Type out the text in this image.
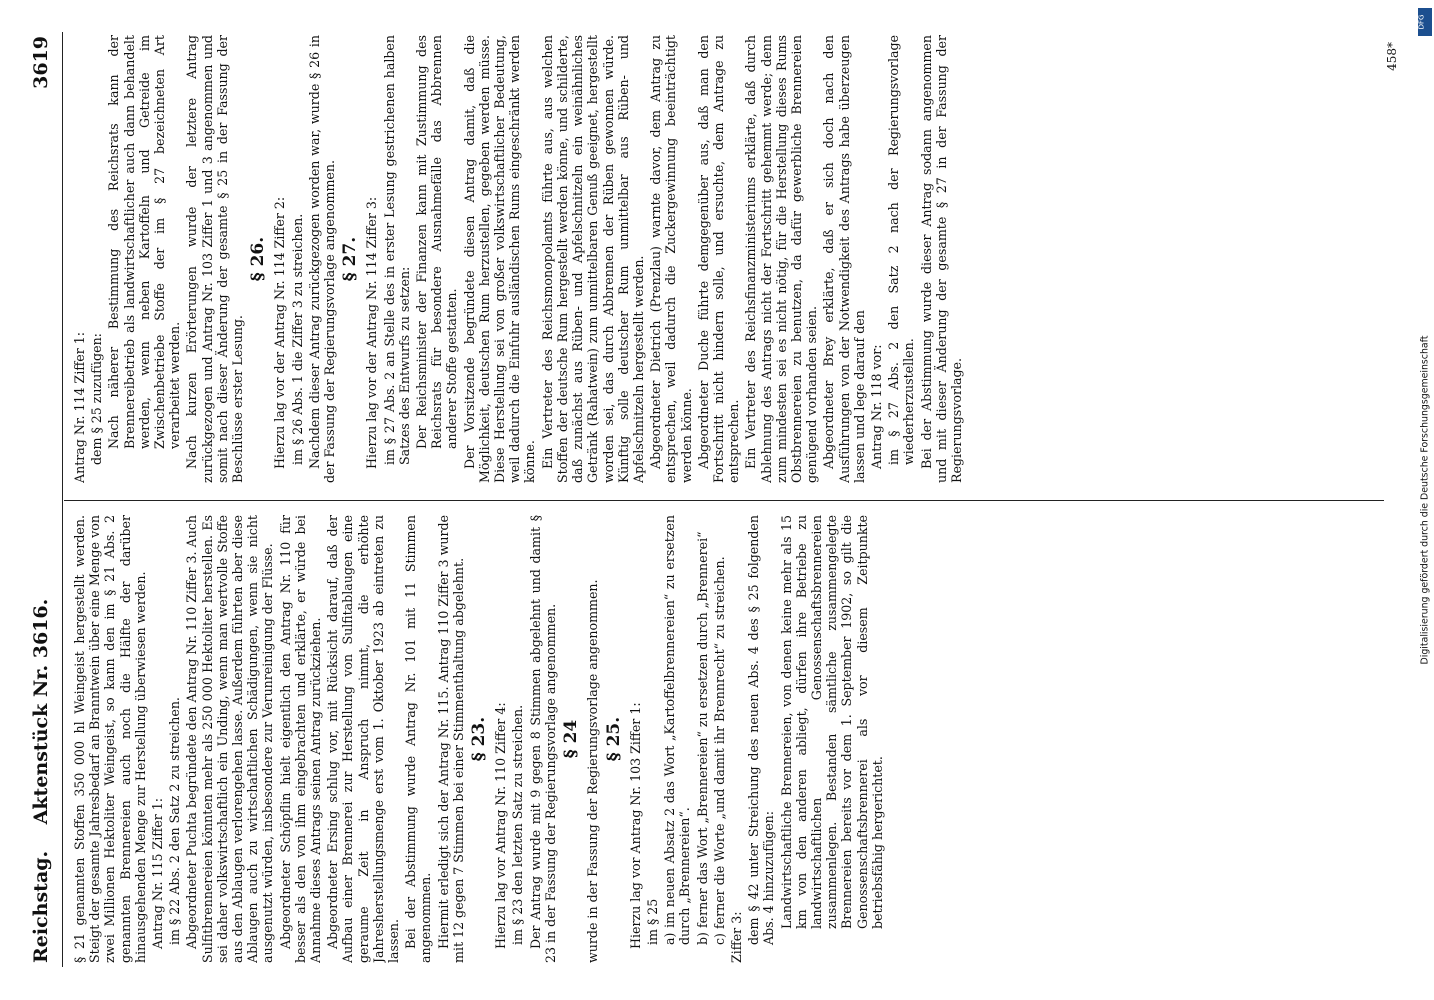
Reichstag.    Aktenstück Nr. 3616.
3619

§ 21 genannten Stoffen 350 000 hl Weingeist hergestellt werden. Steigt der gesamte Jahresbedarf an Branntwein über eine Menge von zwei Millionen Hektoliter Weingeist, so kann den im § 21 Abs. 2 genannten Brennereien auch noch die Hälfte der darüber hinausgehenden Menge zur Herstellung überwiesen werden. Antrag Nr. 115 Ziffer 1: im § 22 Abs. 2 den Satz 2 zu streichen. Abgeordneter Puchta begründete den Antrag Nr. 110 Ziffer 3. Auch Sulfitbrennereien könnten mehr als 250 000 Hektoliter herstellen. Es sei daher volkswirtschaftlich ein Unding, wenn man wertvolle Stoffe aus den Ablaugen verlorengehen lasse. Außerdem führten aber diese Ablaugen auch zu wirtschaftlichen Schädigungen, wenn sie nicht ausgenutzt würden, insbesondere zur Verunreinigung der Flüsse. Abgeordneter Schöpflin hielt eigentlich den Antrag Nr. 110 für besser als den von ihm eingebrachten und erklärte, er würde bei Annahme dieses Antrags seinen Antrag zurückziehen. Abgeordneter Ersing schlug vor, mit Rücksicht darauf, daß der Aufbau einer Brennerei zur Herstellung von Sulfitablaugen eine geraume Zeit in Anspruch nimmt, die erhöhte Jahresherstellungsmenge erst vom 1. Oktober 1923 ab eintreten zu lassen. Bei der Abstimmung wurde Antrag Nr. 101 mit 11 Stimmen angenommen. Hiermit erledigt sich der Antrag Nr. 115. Antrag 110 Ziffer 3 wurde mit 12 gegen 7 Stimmen bei einer Stimmenthaltung abgelehnt. § 23. Hierzu lag vor Antrag Nr. 110 Ziffer 4: im § 23 den letzten Satz zu streichen. Der Antrag wurde mit 9 gegen 8 Stimmen abgelehnt und damit § 23 in der Fassung der Regierungsvorlage angenommen. § 24 wurde in der Fassung der Regierungsvorlage angenommen. § 25. Hierzu lag vor Antrag Nr. 103 Ziffer 1: im § 25 a) im neuen Absatz 2 das Wort „Kartoffelbrennereien“ zu ersetzen durch „Brennereien“. b) ferner das Wort „Brennereien“ zu ersetzen durch „Brennerei“ c) ferner die Worte „und damit ihr Brennrecht“ zu streichen. Ziffer 3: dem § 42 unter Streichung des neuen Abs. 4 des § 25 folgenden Abs. 4 hinzuzufügen: Landwirtschaftliche Brennereien, von denen keine mehr als 15 km von den anderen abliegt, dürfen ihre Betriebe zu landwirtschaftlichen Genossenschaftsbrennereien zusammenlegen. Bestanden sämtliche zusammengelegte Brennereien bereits vor dem 1. September 1902, so gilt die Genossenschaftsbrennerei als vor diesem Zeitpunkte betriebsfähig hergerichtet.

Antrag Nr. 114 Ziffer 1: dem § 25 zuzufügen: Nach näherer Bestimmung des Reichsrats kann der Brennereibetrieb als landwirtschaftlicher auch dann behandelt werden, wenn neben Kartoffeln und Getreide im Zwischenbetriebe Stoffe der im § 27 bezeichneten Art verarbeitet werden. Nach kurzen Erörterungen wurde der letztere Antrag zurückgezogen und Antrag Nr. 103 Ziffer 1 und 3 angenommen und somit nach dieser Änderung der gesamte § 25 in der Fassung der Beschlüsse erster Lesung.

§ 26. Hierzu lag vor der Antrag Nr. 114 Ziffer 2: im § 26 Abs. 1 die Ziffer 3 zu streichen. Nachdem dieser Antrag zurückgezogen worden war, wurde § 26 in der Fassung der Regierungsvorlage angenommen. § 27. Hierzu lag vor der Antrag Nr. 114 Ziffer 3: im § 27 Abs. 2 an Stelle des in erster Lesung gestrichenen halben Satzes des Entwurfs zu setzen: Der Reichsminister der Finanzen kann mit Zustimmung des Reichsrats für besondere Ausnahmefälle das Abbrennen anderer Stoffe gestatten. Der Vorsitzende begründete diesen Antrag damit, daß die Möglichkeit, deutschen Rum herzustellen, gegeben werden müsse. Diese Herstellung sei von großer volkswirtschaftlicher Bedeutung, weil dadurch die Einfuhr ausländischen Rums eingeschränkt werden könne. Ein Vertreter des Reichsmonopolamts führte aus, aus welchen Stoffen der deutsche Rum hergestellt werden könne, und schilderte, daß zunächst aus Rüben- und Apfelschnitzeln ein weinähnliches Getränk (Rahatwein) zum unmittelbaren Genuß geeignet, hergestellt worden sei, das durch Abbrennen der Rüben gewonnen würde. Künftig solle deutscher Rum unmittelbar aus Rüben- und Apfelschnitzeln hergestellt werden. Abgeordneter Dietrich (Prenzlau) warnte davor, dem Antrag zu entsprechen, weil dadurch die Zuckergewinnung beeinträchtigt werden könne. Abgeordneter Duche führte demgegenüber aus, daß man den Fortschritt nicht hindern solle, und ersuchte, dem Antrage zu entsprechen. Ein Vertreter des Reichsfinanzministeriums erklärte, daß durch Ablehnung des Antrags nicht der Fortschritt gehemmt werde; denn zum mindesten sei es nicht nötig, für die Herstellung dieses Rums Obstbrennereien zu benutzen, da dafür gewerbliche Brennereien genügend vorhanden seien. Abgeordneter Brey erklärte, daß er sich doch nach den Ausführungen von der Notwendigkeit des Antrags habe überzeugen lassen und lege darauf den Antrag Nr. 118 vor: im § 27 Abs. 2 den Satz 2 nach der Regierungsvorlage wiederherzustellen. Bei der Abstimmung wurde dieser Antrag sodann angenommen und mit dieser Änderung der gesamte § 27 in der Fassung der Regierungsvorlage.

458*
DFG
Digitalisierung gefördert durch die Deutsche Forschungsgemeinschaft
